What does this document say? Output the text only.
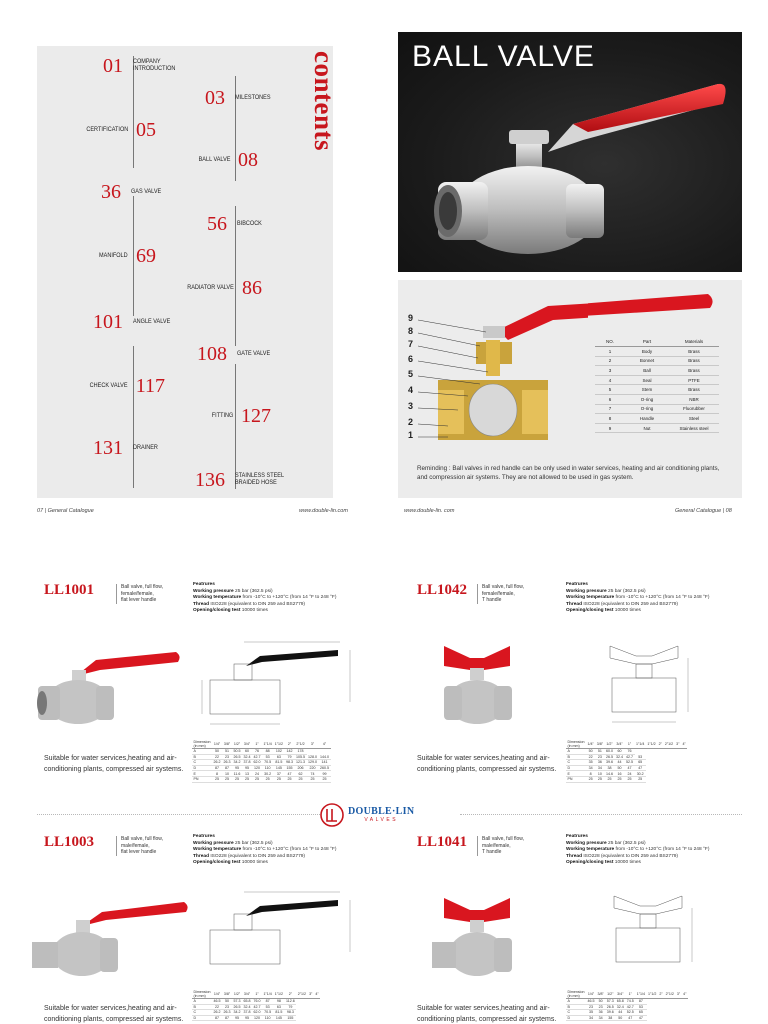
contents
01 COMPANY
INTRODUCTION
03 MILESTONES
CERTIFICATION 05
BALL VALVE 08
36 GAS VALVE
56 BIBCOCK
MANIFOLD 69
RADIATOR VALVE 86
101 ANGLE VALVE
108 GATE VALVE
CHECK VALVE 117
FITTING 127
131 DRAINER
136 STAINLESS STEEL
BRAIDED HOSE
07 | General Catalogue	www.double-lin.com	www.double-lin. com	General Catalogue | 08
BALL VALVE
9
8
7
6
5
4
3
2
1
NO.	Part	Materials
1	Body	Brass
2	Bonnet	Brass
3	Ball	Brass
4	Seal	PTFE
5	Stem	Brass
6	O-ring	NBR
7	O-ring	Fluorubber
8	Handle	Steel
9	Nut	Stainless steel
Reminding : Ball valves in red handle can be only used in water services, heating and air conditioning plants, and compression air systems. They are not allowed to be used in gas system.
LL1001	Ball valve, full flow,
female/female,
flat lever handle
Featrures
Working pressure 25 bar (362.5 psi)
Working temperature from -10°C to +120°C (from 14 °F to 248 °F)
Thread ISO228 (equivalent to DIN 259 and BS2779)
Opening/closing test 10000 times
Suitable for water services,heating and air-conditioning plants, compressed air systems.
Dimension
(in mm)	1/4"	3/8"	1/2"	3/4"	1"	1"1/4	1"1/2	2"	2"1/2	3"	4"
A	50	51	50.5	60	76	88	102	142	178		
B	22	23	26.5	32.4	42.7	53	63	79	105.5	128.0	144.0
C	26.2	26.3	34.2	37.8	62.0	70.5	81.5	98.3	121.3	129.0	141
D	87	87	95	95	120	110	145	155	206	220	260.5
E	8	10	11.6	13	24	30.2	37	47	62	74	99
PN	25	25	25	25	25	25	25	25	25	25	25
LL1042	Ball valve, full flow,
female/female,
T handle
Featrures
Working pressure 25 bar (362.5 psi)
Working temperature from -10°C to +120°C (from 14 °F to 248 °F)
Thread ISO228 (equivalent to DIN 259 and BS2779)
Opening/closing test 10000 times
Suitable for water services,heating and air-conditioning plants, compressed air systems.
Dimension
(in mm)	1/4"	3/8"	1/2"	3/4"	1"	1"1/4	1"1/2	2"	2"1/2	3"	4"
A	50	51	60.0	60	76						
B	22	23	26.5	32.4	42.7	53					
C	35	36	39.6	44	52.5	65					
D	34	34	38	50	47	47					
E	8	10	14.6	16	24	30.2					
PN	25	25	25	25	25	25					
DOUBLE·LIN
VALVES
LL1003	Ball valve, full flow,
male/female,
flat lever handle
Featrures
Working pressure 25 bar (362.5 psi)
Working temperature from -10°C to +120°C (from 14 °F to 248 °F)
Thread ISO228 (equivalent to DIN 259 and BS2779)
Opening/closing test 10000 times
Suitable for water services,heating and air-conditioning plants, compressed air systems.
Dimension
(in mm)	1/4"	3/8"	1/2"	3/4"	1"	1"1/4	1"1/2	2"	2"1/2	3"	4"
A	46.5	50	57.3	65.8	76.0	87	98	112.6			
B	22	23	26.5	32.4	42.7	53	63	79			
C	26.2	26.3	34.2	37.8	62.0	70.5	81.5	98.3			
D	87	87	95	95	120	110	145	155			
LL1041	Ball valve, full flow,
male/female,
T handle
Featrures
Working pressure 25 bar (362.5 psi)
Working temperature from -10°C to +120°C (from 14 °F to 248 °F)
Thread ISO228 (equivalent to DIN 259 and BS2779)
Opening/closing test 10000 times
Suitable for water services,heating and air-conditioning plants, compressed air systems.
Dimension
(in mm)	1/4"	3/8"	1/2"	3/4"	1"	1"1/4	1"1/2	2"	2"1/2	3"	4"
A	46.5	50	57.3	65.8	74.5	87					
B	23	23	26.5	32.4	42.7	53					
C	35	36	39.6	44	52.5	65					
D	34	34	38	50	47	47					
